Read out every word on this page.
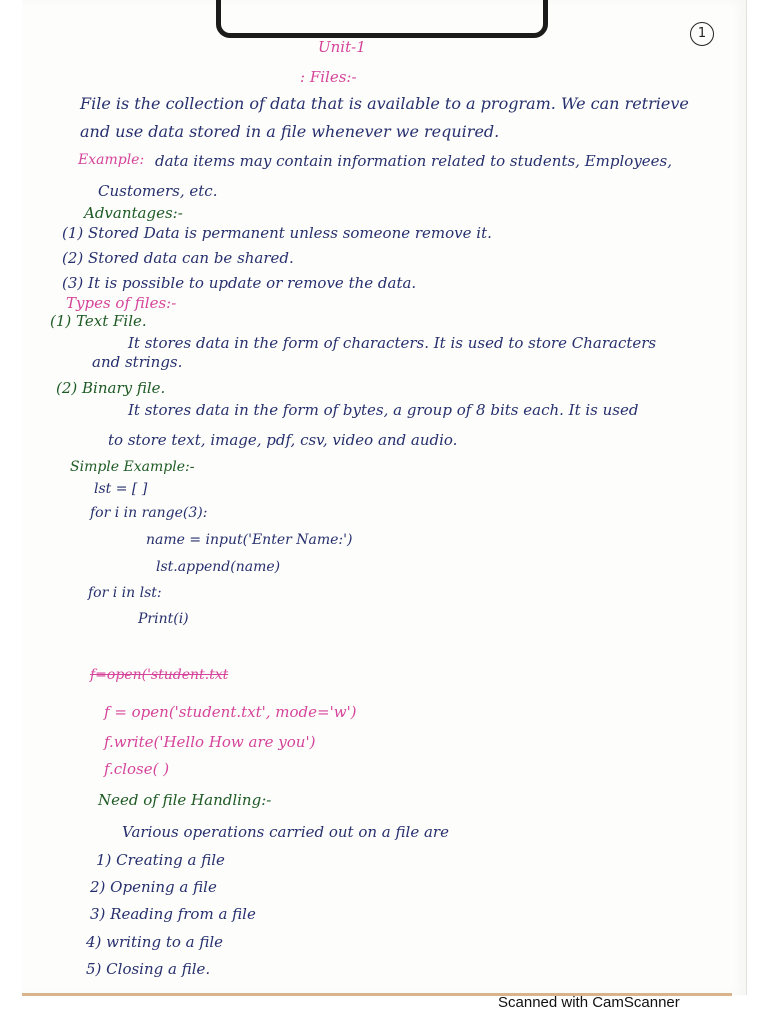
1
Unit-1
: Files:-
File is the collection of data that is available to a program. We can retrieve
and use data stored in a file whenever we required.
Example: data items may contain information related to students, Employees,
Customers, etc.
Advantages:-
(1) Stored Data is permanent unless someone remove it.
(2) Stored data can be shared.
(3) It is possible to update or remove the data.
Types of files:-
(1) Text File.
It stores data in the form of characters. It is used to store Characters
and strings.
(2) Binary file.
It stores data in the form of bytes, a group of 8 bits each. It is used
to store text, image, pdf, csv, video and audio.
Simple Example:-
lst = [ ]
for i in range(3):
name = input('Enter Name:')
lst.append(name)
for i in lst:
Print(i)
f=open('student.txt
f = open('student.txt', mode='w')
f.write('Hello How are you')
f.close( )
Need of file Handling:-
Various operations carried out on a file are
1) Creating a file
2) Opening a file
3) Reading from a file
4) writing to a file
5) Closing a file.
Scanned with CamScanner
